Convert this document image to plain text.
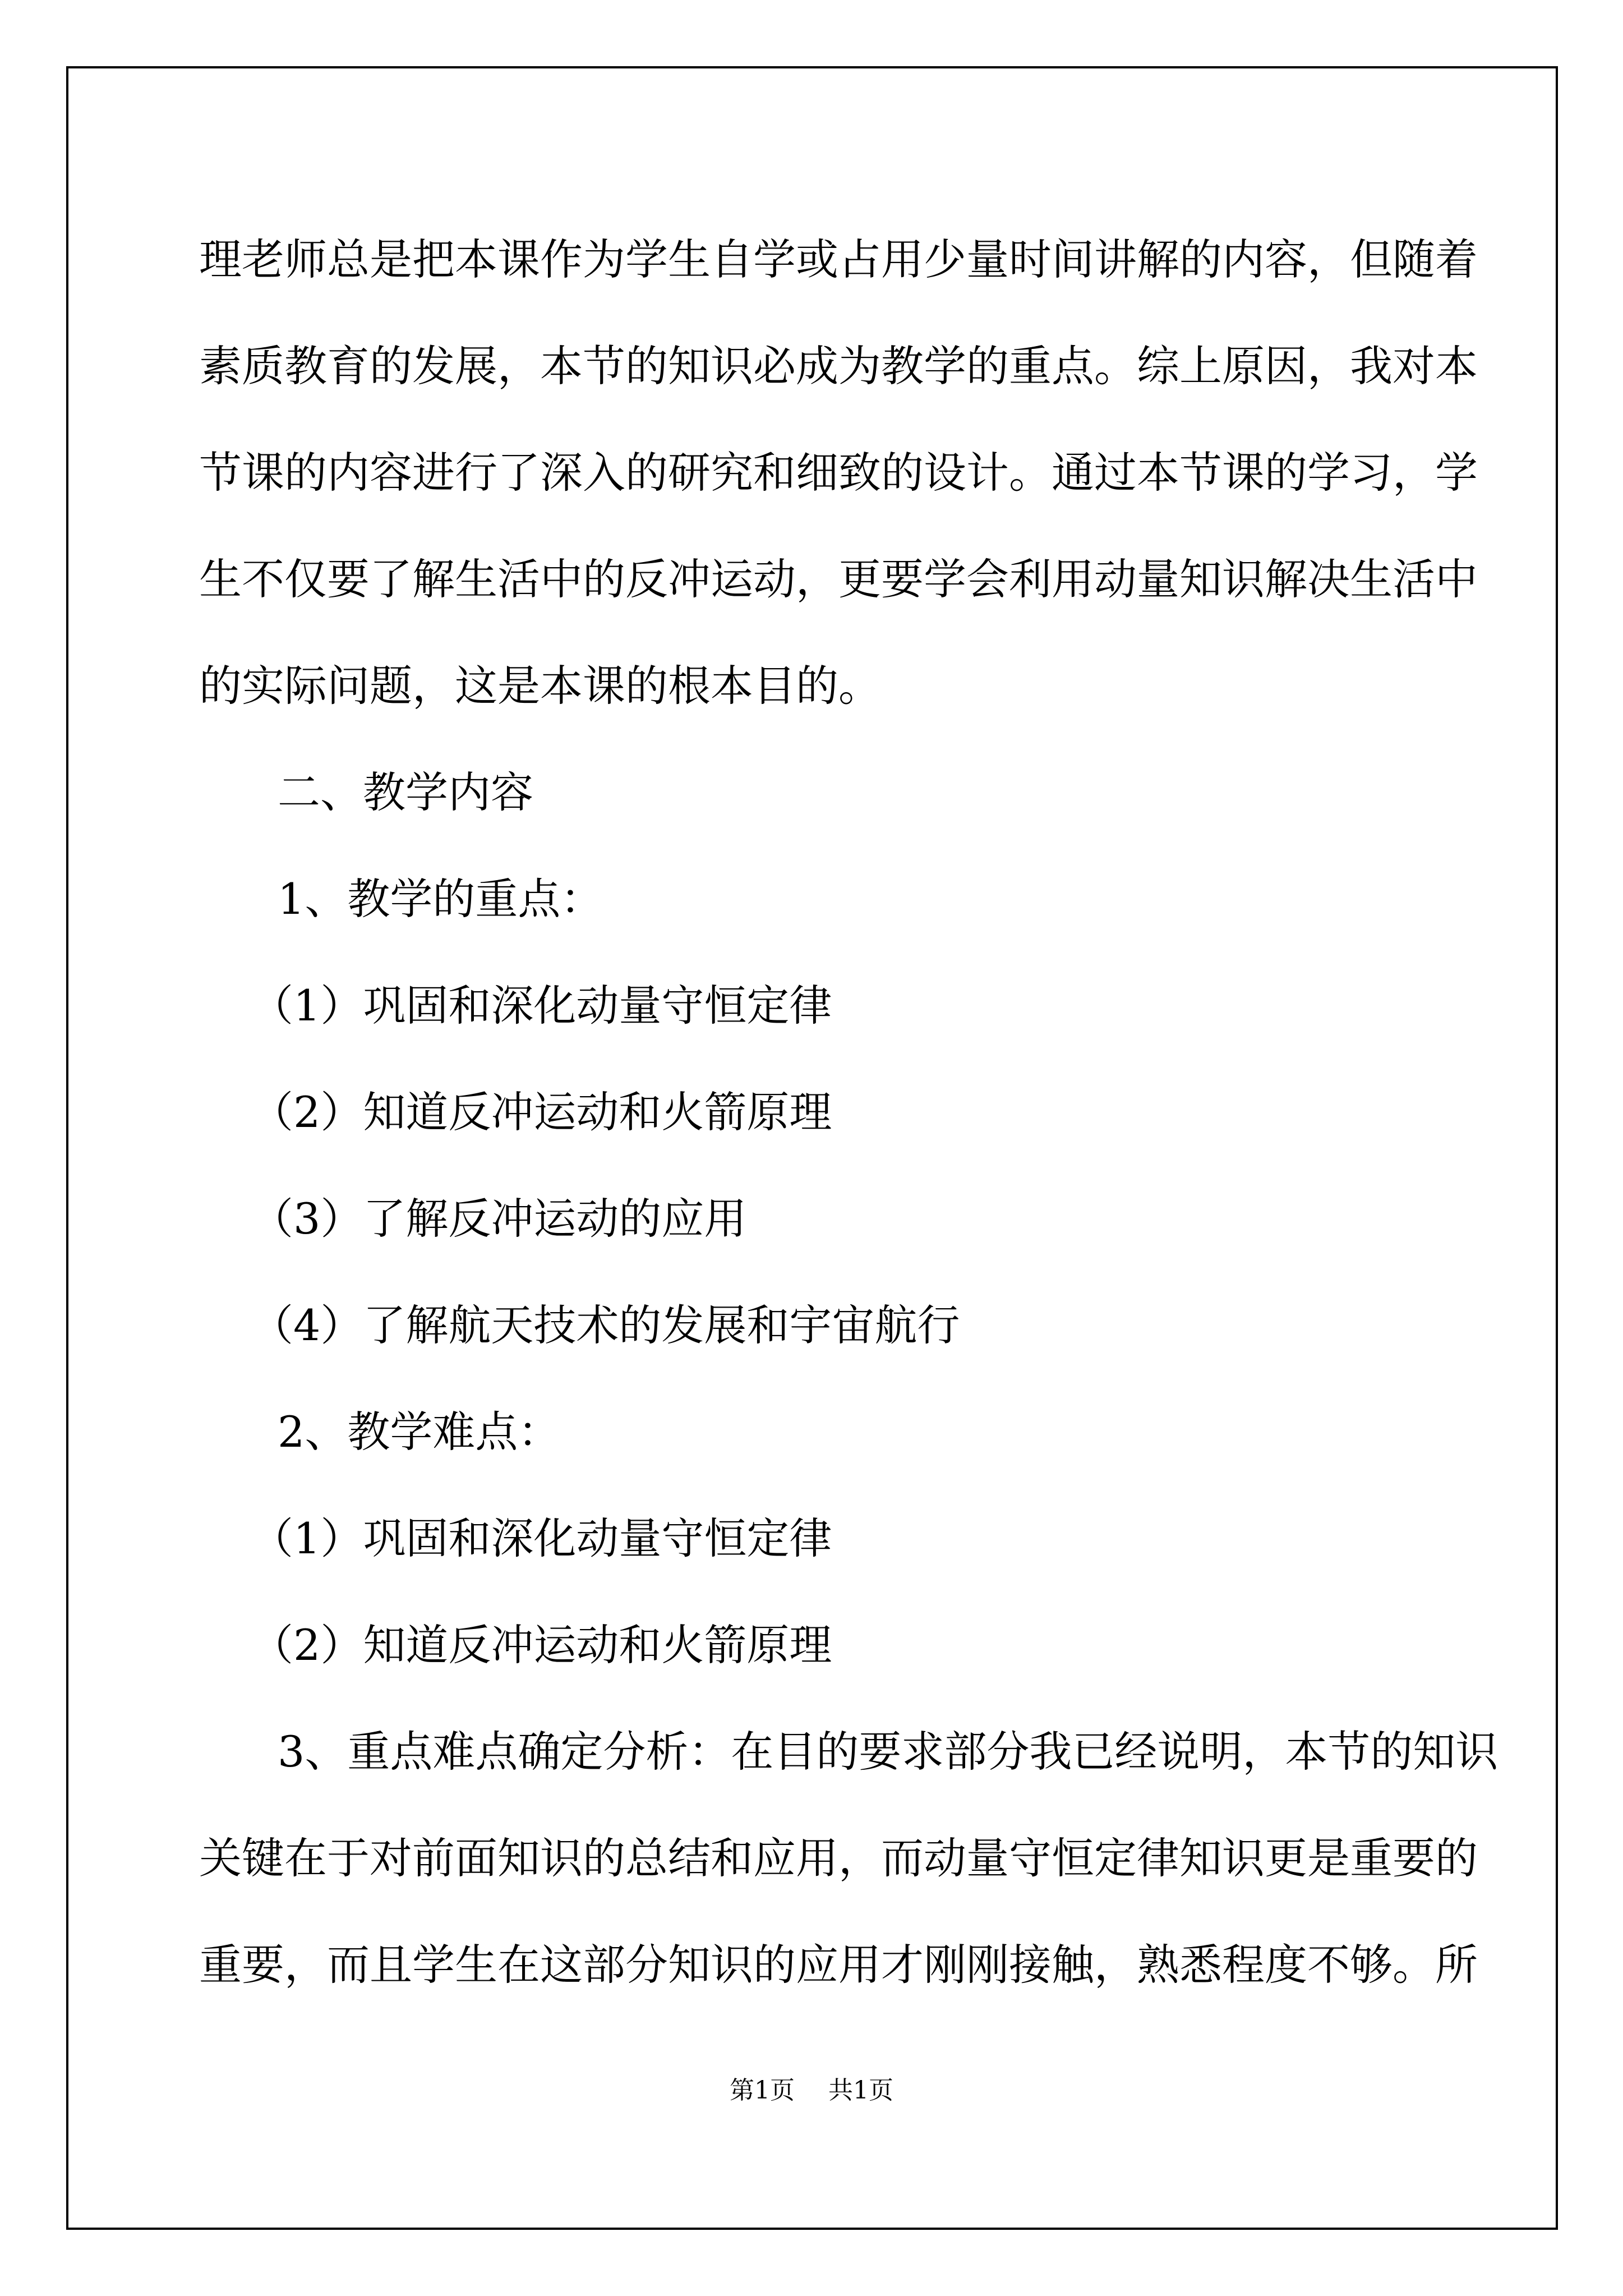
理老师总是把本课作为学生自学或占用少量时间讲解的内容，但随着
素质教育的发展，本节的知识必成为教学的重点。综上原因，我对本
节课的内容进行了深入的研究和细致的设计。通过本节课的学习，学
生不仅要了解生活中的反冲运动，更要学会利用动量知识解决生活中
的实际问题，这是本课的根本目的。
二、教学内容
1、教学的重点：
（1）巩固和深化动量守恒定律
（2）知道反冲运动和火箭原理
（3）了解反冲运动的应用
（4）了解航天技术的发展和宇宙航行
2、教学难点：
（1）巩固和深化动量守恒定律
（2）知道反冲运动和火箭原理
3、重点难点确定分析：在目的要求部分我已经说明，本节的知识
关键在于对前面知识的总结和应用，而动量守恒定律知识更是重要的
重要，而且学生在这部分知识的应用才刚刚接触，熟悉程度不够。所
第1页 共1页
